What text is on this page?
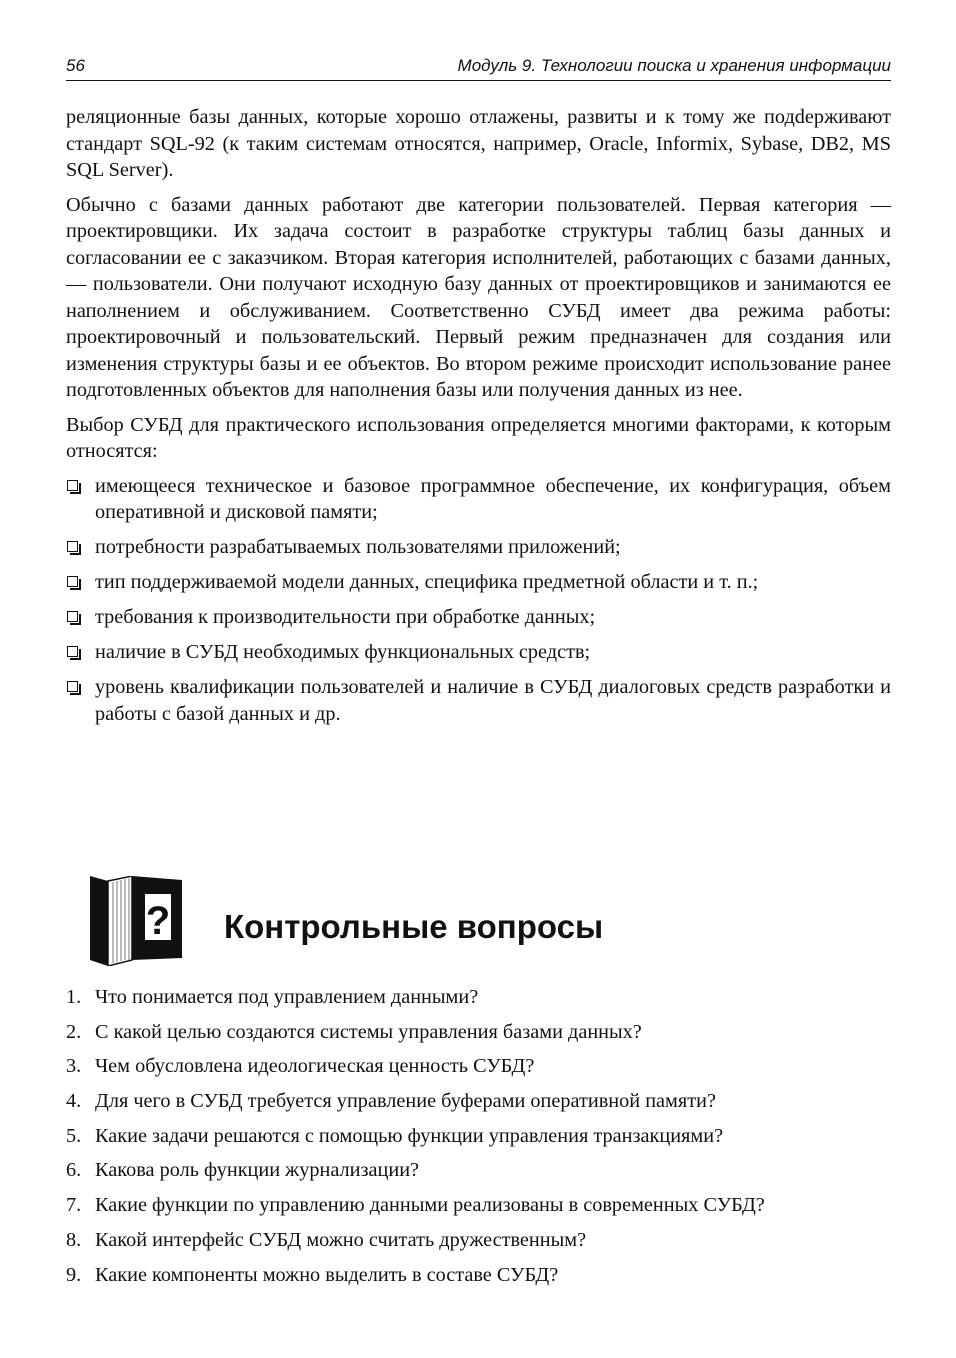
56	Модуль 9. Технологии поиска и хранения информации

реляционные базы данных, которые хорошо отлажены, развиты и к тому же подdерживают стандарт SQL-92 (к таким системам относятся, например, Oracle, Informix, Sybase, DB2, MS SQL Server).

Обычно с базами данных работают две категории пользователей. Первая категория — проектировщики. Их задача состоит в разработке структуры таблиц базы данных и согласовании ее с заказчиком. Вторая категория исполнителей, работающих с базами данных, — пользователи. Они получают исходную базу данных от проектировщиков и занимаются ее наполнением и обслуживанием. Соответственно СУБД имеет два режима работы: проектировочный и пользовательский. Первый режим предназначен для создания или изменения структуры базы и ее объектов. Во втором режиме происходит использование ранее подготовленных объектов для наполнения базы или получения данных из нее.

Выбор СУБД для практического использования определяется многими факторами, к которым относятся:

имеющееся техническое и базовое программное обеспечение, их конфигурация, объем оперативной и дисковой памяти;
потребности разрабатываемых пользователями приложений;
тип поддерживаемой модели данных, специфика предметной области и т. п.;
требования к производительности при обработке данных;
наличие в СУБД необходимых функциональных средств;
уровень квалификации пользователей и наличие в СУБД диалоговых средств разработки и работы с базой данных и др.
? Контрольные вопросы
1. Что понимается под управлением данными?
2. С какой целью создаются системы управления базами данных?
3. Чем обусловлена идеологическая ценность СУБД?
4. Для чего в СУБД требуется управление буферами оперативной памяти?
5. Какие задачи решаются с помощью функции управления транзакциями?
6. Какова роль функции журнализации?
7. Какие функции по управлению данными реализованы в современных СУБД?
8. Какой интерфейс СУБД можно считать дружественным?
9. Какие компоненты можно выделить в составе СУБД?
